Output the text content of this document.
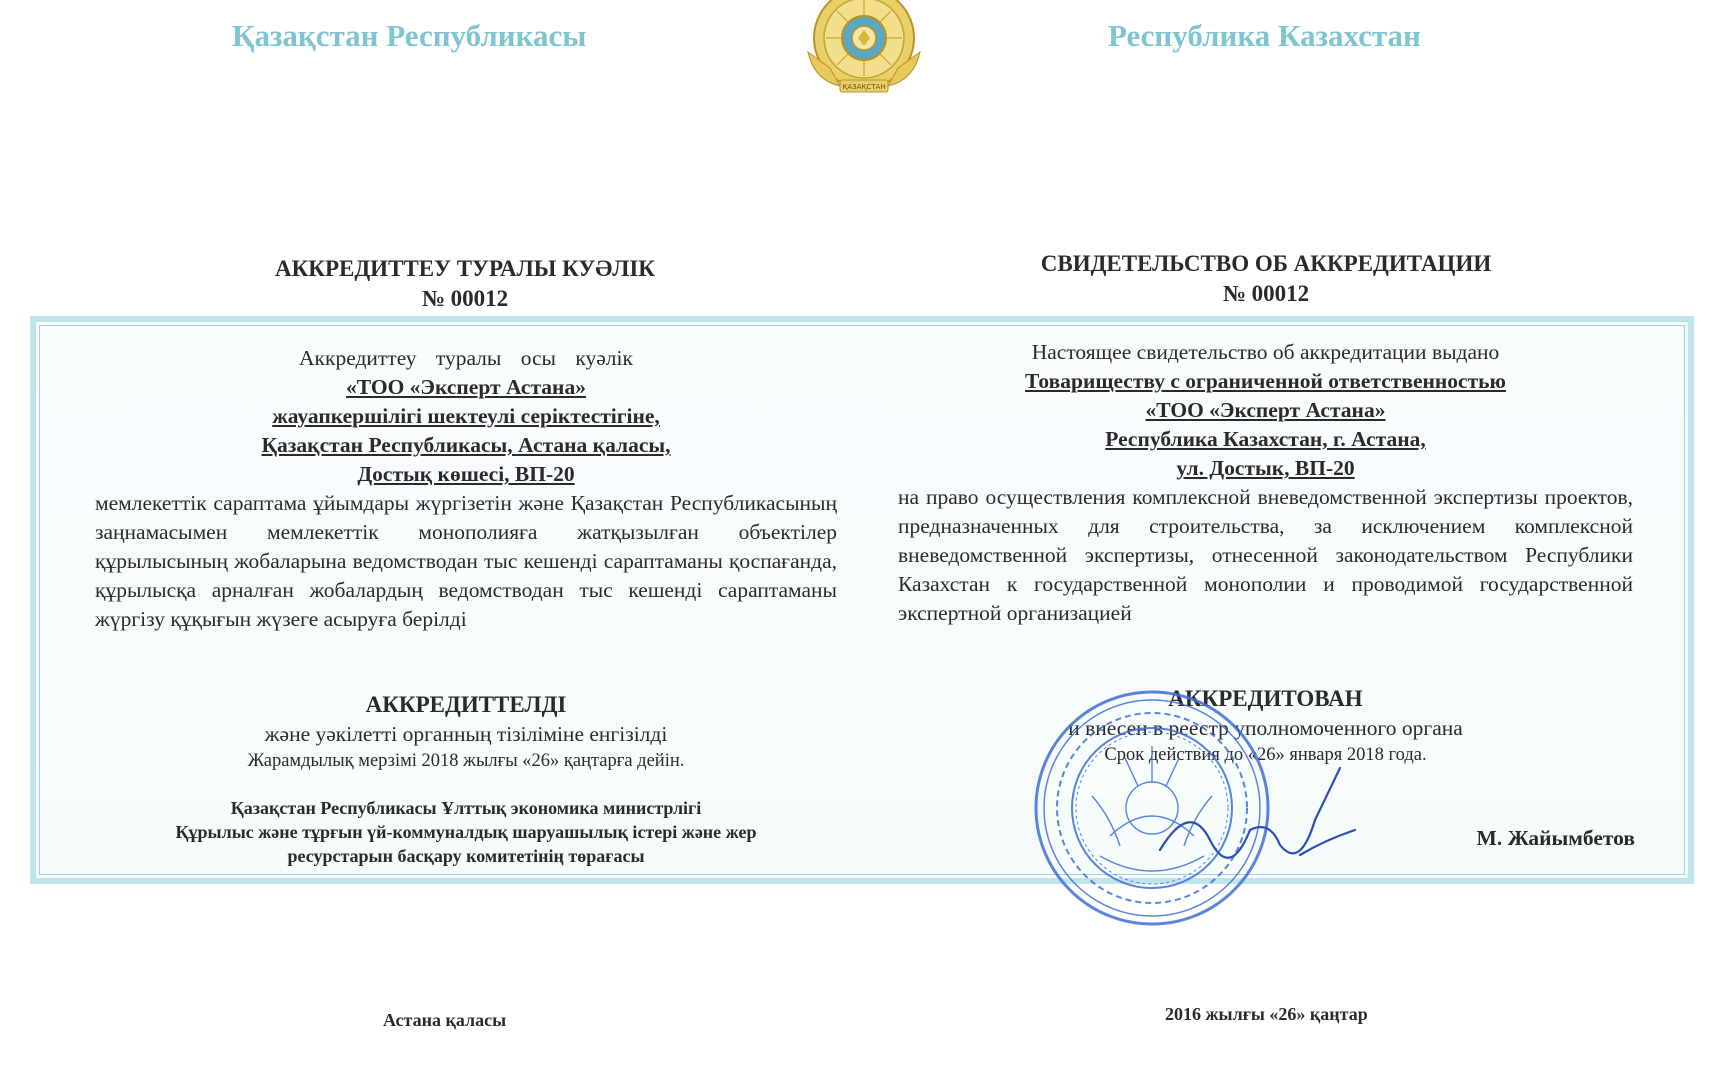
Қазақстан Республикасы	Республика Казахстан
ҚАЗАҚСТАН
АККРЕДИТТЕУ ТУРАЛЫ КУӘЛІК
№ 00012
СВИДЕТЕЛЬСТВО ОБ АККРЕДИТАЦИИ
№ 00012
Аккредиттеу туралы осы куәлік
«ТОО «Эксперт Астана»
жауапкершілігі шектеулі серіктестігіне,
Қазақстан Республикасы, Астана қаласы,
Достық көшесі, ВП-20
мемлекеттік сараптама ұйымдары жүргізетін және Қазақстан Республикасының заңнамасымен мемлекеттік монополияға жатқызылған объектілер құрылысының жобаларына ведомстводан тыс кешенді сараптаманы қоспағанда, құрылысқа арналған жобалардың ведомстводан тыс кешенді сараптаманы жүргізу құқығын жүзеге асыруға берілді
Настоящее свидетельство об аккредитации выдано
Товариществу с ограниченной ответственностью
«ТОО «Эксперт Астана»
Республика Казахстан, г. Астана,
ул. Достык, ВП-20
на право осуществления комплексной вневедомственной экспертизы проектов, предназначенных для строительства, за исключением комплексной вневедомственной экспертизы, отнесенной законодательством Республики Казахстан к государственной монополии и проводимой государственной экспертной организацией
АККРЕДИТТЕЛДІ
және уәкілетті органның тізіліміне енгізілді
Жарамдылық мерзімі 2018 жылғы «26» қаңтарға дейін.
АККРЕДИТОВАН
и внесен в реестр уполномоченного органа
Срок действия до «26» января 2018 года.
Қазақстан Республикасы Ұлттық экономика министрлігі
Құрылыс және тұрғын үй-коммуналдық шаруашылық істері және жер
ресурстарын басқару комитетінің төрағасы
М. Жайымбетов
Астана қаласы	2016 жылғы «26» қаңтар
